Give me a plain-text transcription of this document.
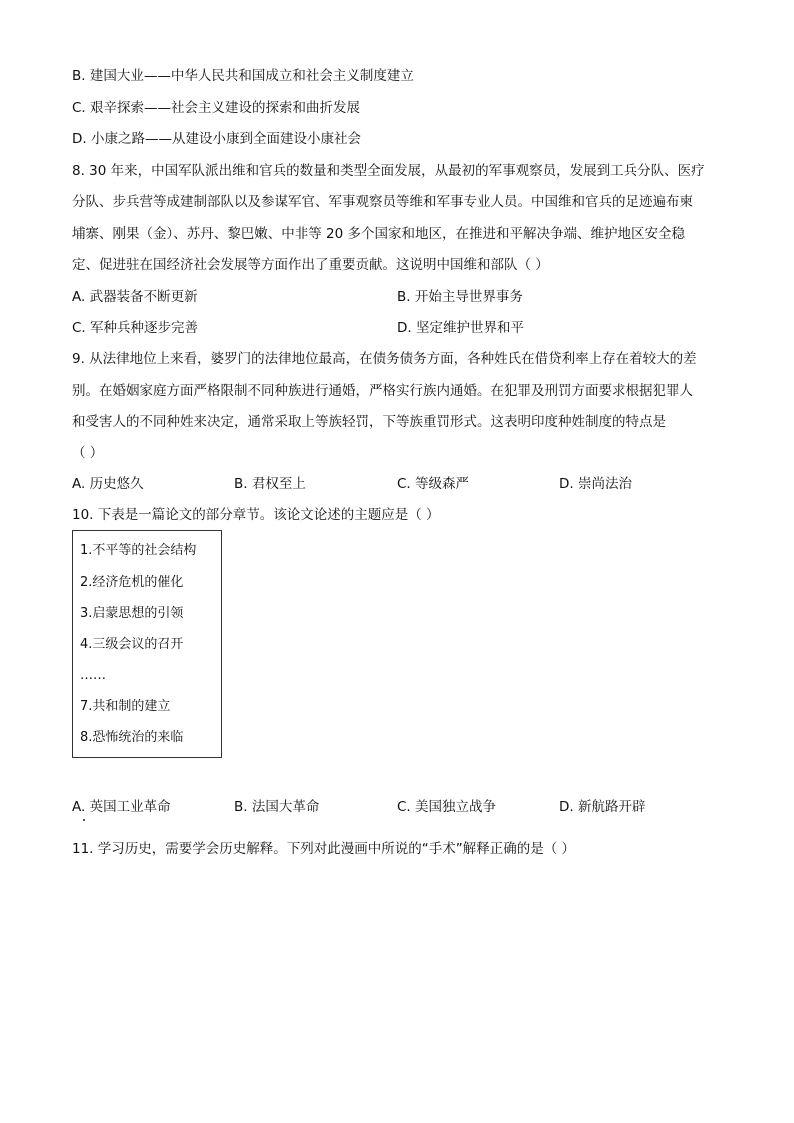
B. 建国大业——中华人民共和国成立和社会主义制度建立
C. 艰辛探索——社会主义建设的探索和曲折发展
D. 小康之路——从建设小康到全面建设小康社会
8. 30 年来，中国军队派出维和官兵的数量和类型全面发展，从最初的军事观察员，发展到工兵分队、医疗
分队、步兵营等成建制部队以及参谋军官、军事观察员等维和军事专业人员。中国维和官兵的足迹遍布柬
埔寨、刚果（金）、苏丹、黎巴嫩、中非等 20 多个国家和地区，在推进和平解决争端、维护地区安全稳
定、促进驻在国经济社会发展等方面作出了重要贡献。这说明中国维和部队（ ）
A. 武器装备不断更新	B. 开始主导世界事务
C. 军种兵种逐步完善	D. 坚定维护世界和平
9. 从法律地位上来看，婆罗门的法律地位最高，在债务债务方面，各种姓氏在借贷利率上存在着较大的差
别。在婚姻家庭方面严格限制不同种族进行通婚，严格实行族内通婚。在犯罪及刑罚方面要求根据犯罪人
和受害人的不同种姓来决定，通常采取上等族轻罚，下等族重罚形式。这表明印度种姓制度的特点是
（ ）
A. 历史悠久	B. 君权至上	C. 等级森严	D. 崇尚法治
10. 下表是一篇论文的部分章节。该论文论述的主题应是（ ）
1.不平等的社会结构
2.经济危机的催化
3.启蒙思想的引领
4.三级会议的召开
……
7.共和制的建立
8.恐怖统治的来临
A. 英国工业革命	B. 法国大革命	C. 美国独立战争	D. 新航路开辟
11. 学习历史，需要学会历史解释。下列对此漫画中所说的“手术”解释正确的是（ ）
